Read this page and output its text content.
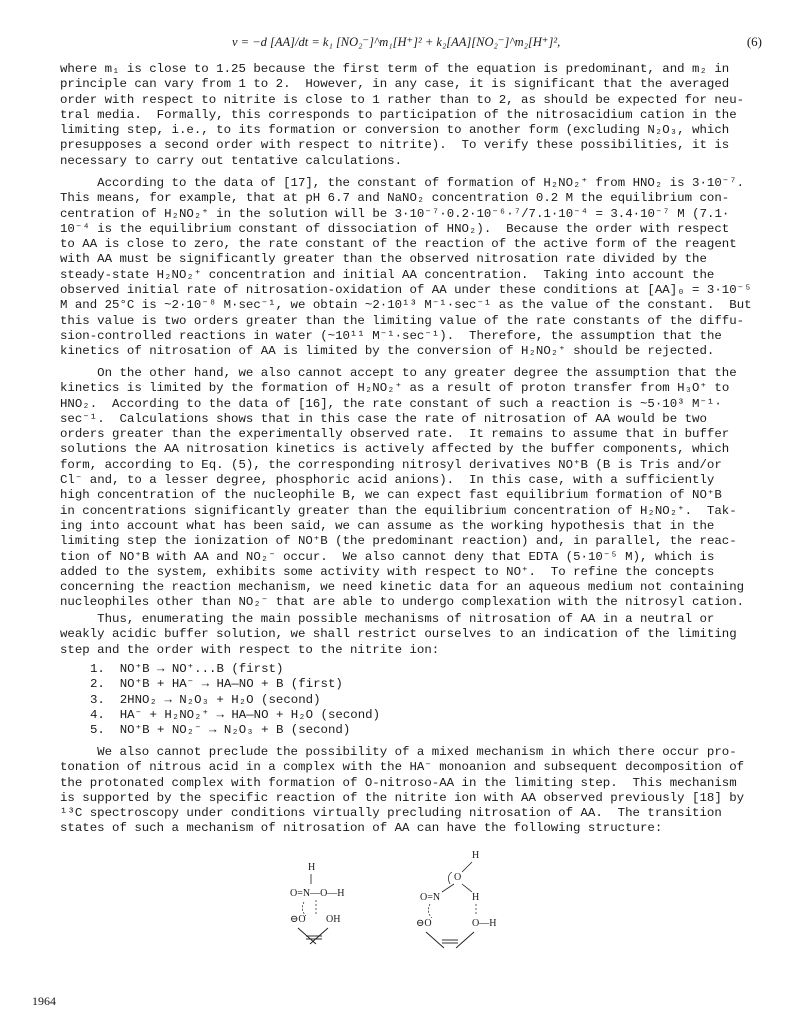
v = −d [AA]/dt = k₁ [NO₂⁻]^m₁[H⁺]² + k₂[AA][NO₂⁻]^m₂[H⁺]²,	(6)
where m₁ is close to 1.25 because the first term of the equation is predominant, and m₂ in
principle can vary from 1 to 2.  However, in any case, it is significant that the averaged
order with respect to nitrite is close to 1 rather than to 2, as should be expected for neu-
tral media.  Formally, this corresponds to participation of the nitrosacidium cation in the
limiting step, i.e., to its formation or conversion to another form (excluding N₂O₃, which
presupposes a second order with respect to nitrite).  To verify these possibilities, it is
necessary to carry out tentative calculations.
According to the data of [17], the constant of formation of H₂NO₂⁺ from HNO₂ is 3·10⁻⁷.
This means, for example, that at pH 6.7 and NaNO₂ concentration 0.2 M the equilibrium con-
centration of H₂NO₂⁺ in the solution will be 3·10⁻⁷·0.2·10⁻⁶·⁷/7.1·10⁻⁴ = 3.4·10⁻⁷ M (7.1·
10⁻⁴ is the equilibrium constant of dissociation of HNO₂).  Because the order with respect
to AA is close to zero, the rate constant of the reaction of the active form of the reagent
with AA must be significantly greater than the observed nitrosation rate divided by the
steady-state H₂NO₂⁺ concentration and initial AA concentration.  Taking into account the
observed initial rate of nitrosation-oxidation of AA under these conditions at [AA]₀ = 3·10⁻⁵
M and 25°C is ~2·10⁻⁸ M·sec⁻¹, we obtain ~2·10¹³ M⁻¹·sec⁻¹ as the value of the constant.  But
this value is two orders greater than the limiting value of the rate constants of the diffu-
sion-controlled reactions in water (~10¹¹ M⁻¹·sec⁻¹).  Therefore, the assumption that the
kinetics of nitrosation of AA is limited by the conversion of H₂NO₂⁺ should be rejected.
On the other hand, we also cannot accept to any greater degree the assumption that the
kinetics is limited by the formation of H₂NO₂⁺ as a result of proton transfer from H₃O⁺ to
HNO₂.  According to the data of [16], the rate constant of such a reaction is ~5·10³ M⁻¹·
sec⁻¹.  Calculations shows that in this case the rate of nitrosation of AA would be two
orders greater than the experimentally observed rate.  It remains to assume that in buffer
solutions the AA nitrosation kinetics is actively affected by the buffer components, which
form, according to Eq. (5), the corresponding nitrosyl derivatives NO⁺B (B is Tris and/or
Cl⁻ and, to a lesser degree, phosphoric acid anions).  In this case, with a sufficiently
high concentration of the nucleophile B, we can expect fast equilibrium formation of NO⁺B
in concentrations significantly greater than the equilibrium concentration of H₂NO₂⁺.  Tak-
ing into account what has been said, we can assume as the working hypothesis that in the
limiting step the ionization of NO⁺B (the predominant reaction) and, in parallel, the reac-
tion of NO⁺B with AA and NO₂⁻ occur.  We also cannot deny that EDTA (5·10⁻⁵ M), which is
added to the system, exhibits some activity with respect to NO⁺.  To refine the concepts
concerning the reaction mechanism, we need kinetic data for an aqueous medium not containing
nucleophiles other than NO₂⁻ that are able to undergo complexation with the nitrosyl cation.
Thus, enumerating the main possible mechanisms of nitrosation of AA in a neutral or
weakly acidic buffer solution, we shall restrict ourselves to an indication of the limiting
step and the order with respect to the nitrite ion:
1.  NO⁺B → NO⁺...B (first)
2.  NO⁺B + HA⁻ → HA—NO + B (first)
3.  2HNO₂ → N₂O₃ + H₂O (second)
4.  HA⁻ + H₂NO₂⁺ → HA—NO + H₂O (second)
5.  NO⁺B + NO₂⁻ → N₂O₃ + B (second)
We also cannot preclude the possibility of a mixed mechanism in which there occur pro-
tonation of nitrous acid in a complex with the HA⁻ monoanion and subsequent decomposition of
the protonated complex with formation of O-nitroso-AA in the limiting step.  This mechanism
is supported by the specific reaction of the nitrite ion with AA observed previously [18] by
¹³C spectroscopy under conditions virtually precluding nitrosation of AA.  The transition
states of such a mechanism of nitrosation of AA can have the following structure:
H
O=N—O—H
⊖O OH
H
O
O=N	H
⊖O	O—H
1964
